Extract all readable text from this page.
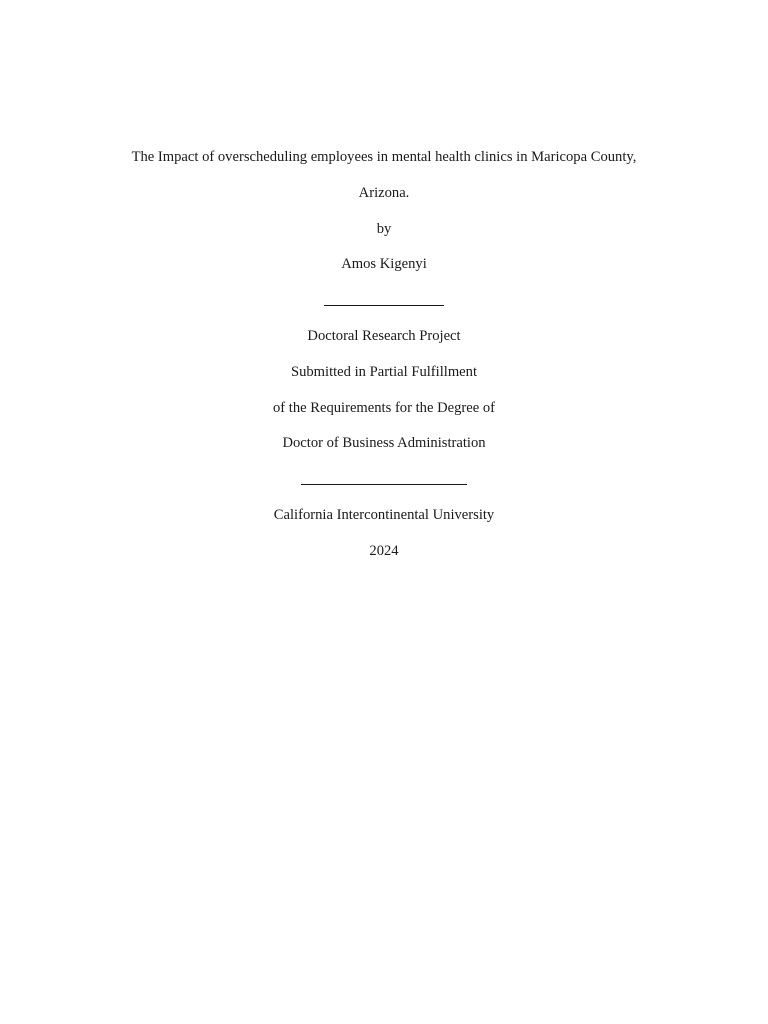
The Impact of overscheduling employees in mental health clinics in Maricopa County,
Arizona.
by
Amos Kigenyi
Doctoral Research Project
Submitted in Partial Fulfillment
of the Requirements for the Degree of
Doctor of Business Administration
California Intercontinental University
2024
